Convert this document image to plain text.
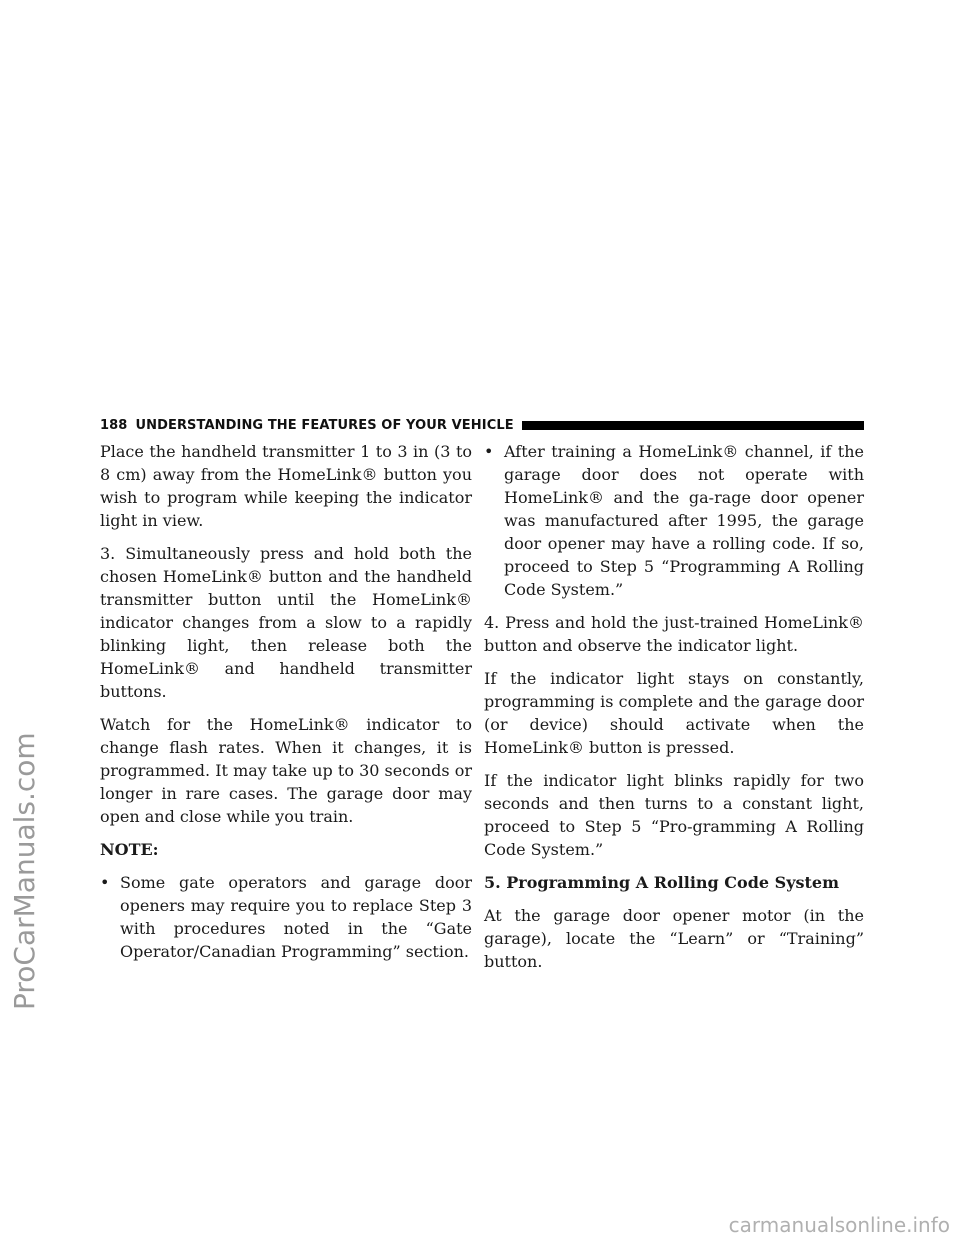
ProCarManuals.com
188 UNDERSTANDING THE FEATURES OF YOUR VEHICLE

Place the handheld transmitter 1 to 3 in (3 to 8 cm) away from the HomeLink® button you wish to program while keeping the indicator light in view.

3. Simultaneously press and hold both the chosen HomeLink® button and the handheld transmitter button until the HomeLink® indicator changes from a slow to a rapidly blinking light, then release both the HomeLink® and handheld transmitter buttons.

Watch for the HomeLink® indicator to change flash rates. When it changes, it is programmed. It may take up to 30 seconds or longer in rare cases. The garage door may open and close while you train.

NOTE:

• Some gate operators and garage door openers may require you to replace Step 3 with procedures noted in the “Gate Operator/Canadian Programming” section.
• After training a HomeLink® channel, if the garage door does not operate with HomeLink® and the ga-rage door opener was manufactured after 1995, the garage door opener may have a rolling code. If so, proceed to Step 5 “Programming A Rolling Code System.”

4. Press and hold the just-trained HomeLink® button and observe the indicator light.

If the indicator light stays on constantly, programming is complete and the garage door (or device) should activate when the HomeLink® button is pressed.

If the indicator light blinks rapidly for two seconds and then turns to a constant light, proceed to Step 5 “Pro-gramming A Rolling Code System.”

5. Programming A Rolling Code System

At the garage door opener motor (in the garage), locate the “Learn” or “Training” button.

carmanualsonline.info
